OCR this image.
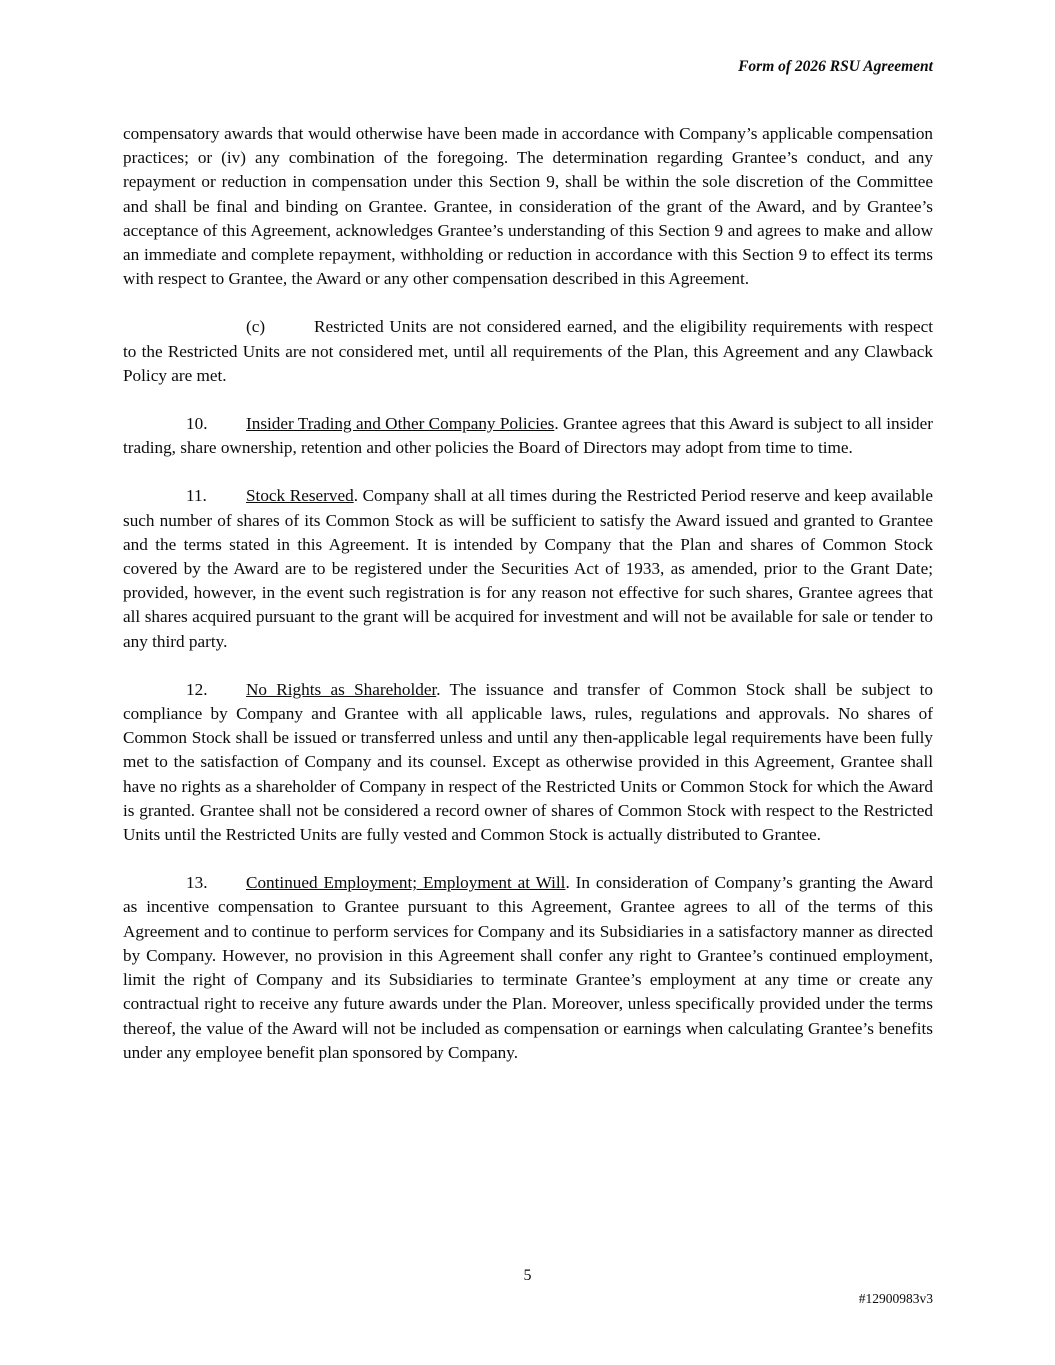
Form of 2026 RSU Agreement

compensatory awards that would otherwise have been made in accordance with Company’s applicable compensation practices; or (iv) any combination of the foregoing. The determination regarding Grantee’s conduct, and any repayment or reduction in compensation under this Section 9, shall be within the sole discretion of the Committee and shall be final and binding on Grantee. Grantee, in consideration of the grant of the Award, and by Grantee’s acceptance of this Agreement, acknowledges Grantee’s understanding of this Section 9 and agrees to make and allow an immediate and complete repayment, withholding or reduction in accordance with this Section 9 to effect its terms with respect to Grantee, the Award or any other compensation described in this Agreement.

(c)	Restricted Units are not considered earned, and the eligibility requirements with respect to the Restricted Units are not considered met, until all requirements of the Plan, this Agreement and any Clawback Policy are met.

10. Insider Trading and Other Company Policies. Grantee agrees that this Award is subject to all insider trading, share ownership, retention and other policies the Board of Directors may adopt from time to time.

11. Stock Reserved. Company shall at all times during the Restricted Period reserve and keep available such number of shares of its Common Stock as will be sufficient to satisfy the Award issued and granted to Grantee and the terms stated in this Agreement. It is intended by Company that the Plan and shares of Common Stock covered by the Award are to be registered under the Securities Act of 1933, as amended, prior to the Grant Date; provided, however, in the event such registration is for any reason not effective for such shares, Grantee agrees that all shares acquired pursuant to the grant will be acquired for investment and will not be available for sale or tender to any third party.

12. No Rights as Shareholder. The issuance and transfer of Common Stock shall be subject to compliance by Company and Grantee with all applicable laws, rules, regulations and approvals. No shares of Common Stock shall be issued or transferred unless and until any then-applicable legal requirements have been fully met to the satisfaction of Company and its counsel. Except as otherwise provided in this Agreement, Grantee shall have no rights as a shareholder of Company in respect of the Restricted Units or Common Stock for which the Award is granted. Grantee shall not be considered a record owner of shares of Common Stock with respect to the Restricted Units until the Restricted Units are fully vested and Common Stock is actually distributed to Grantee.

13. Continued Employment; Employment at Will. In consideration of Company’s granting the Award as incentive compensation to Grantee pursuant to this Agreement, Grantee agrees to all of the terms of this Agreement and to continue to perform services for Company and its Subsidiaries in a satisfactory manner as directed by Company. However, no provision in this Agreement shall confer any right to Grantee’s continued employment, limit the right of Company and its Subsidiaries to terminate Grantee’s employment at any time or create any contractual right to receive any future awards under the Plan. Moreover, unless specifically provided under the terms thereof, the value of the Award will not be included as compensation or earnings when calculating Grantee’s benefits under any employee benefit plan sponsored by Company.

5
#12900983v3
